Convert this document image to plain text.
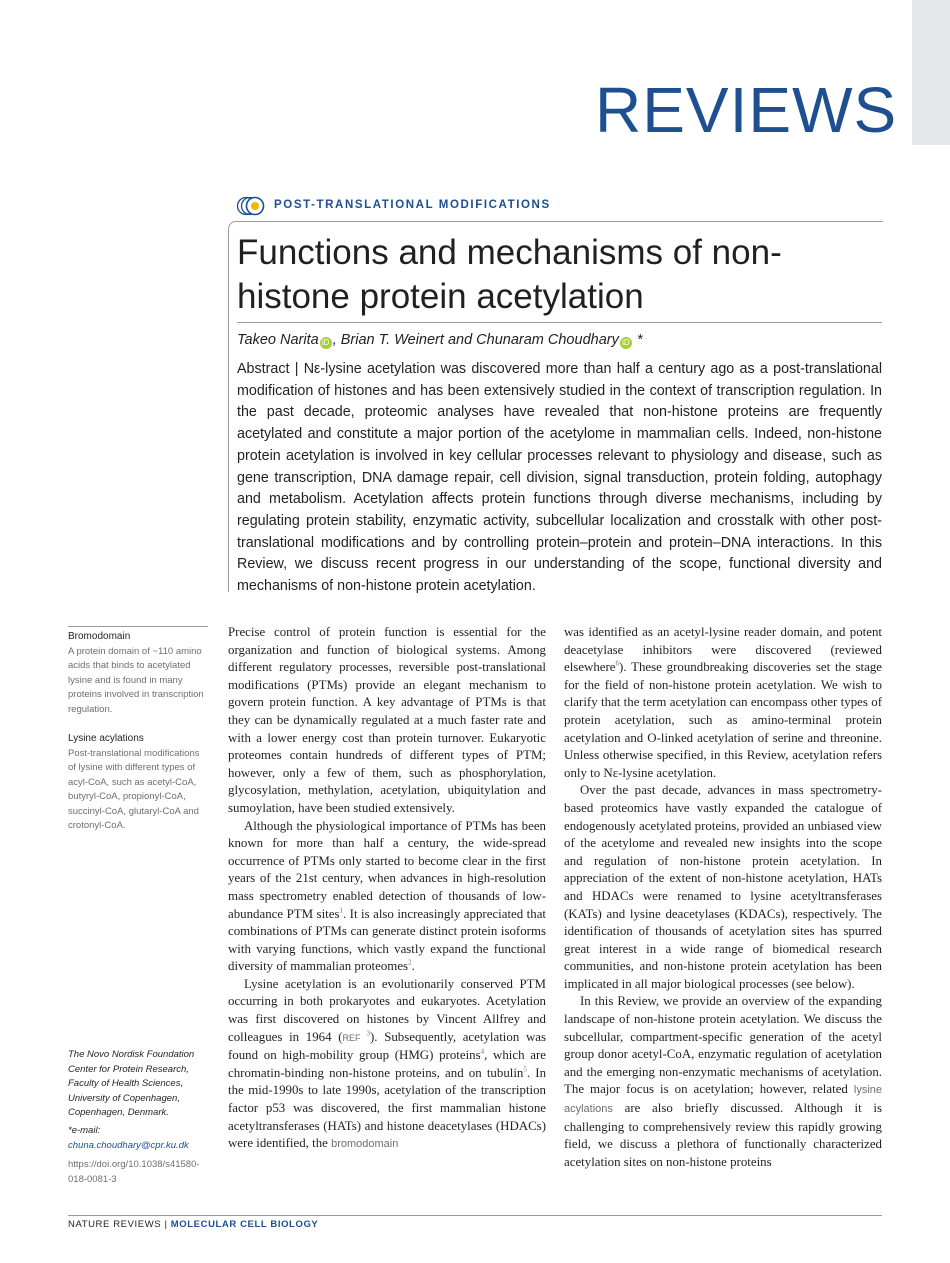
REVIEWS
POST-TRANSLATIONAL MODIFICATIONS
Functions and mechanisms of non-histone protein acetylation
Takeo Narita iD , Brian T. Weinert and Chunaram Choudhary iD *
Abstract | Nε-lysine acetylation was discovered more than half a century ago as a post-translational modification of histones and has been extensively studied in the context of transcription regulation. In the past decade, proteomic analyses have revealed that non-histone proteins are frequently acetylated and constitute a major portion of the acetylome in mammalian cells. Indeed, non-histone protein acetylation is involved in key cellular processes relevant to physiology and disease, such as gene transcription, DNA damage repair, cell division, signal transduction, protein folding, autophagy and metabolism. Acetylation affects protein functions through diverse mechanisms, including by regulating protein stability, enzymatic activity, subcellular localization and crosstalk with other post-translational modifications and by controlling protein–protein and protein–DNA interactions. In this Review, we discuss recent progress in our understanding of the scope, functional diversity and mechanisms of non-histone protein acetylation.
Bromodomain
A protein domain of ~110 amino acids that binds to acetylated lysine and is found in many proteins involved in transcription regulation.
Lysine acylations
Post-translational modifications of lysine with different types of acyl-CoA, such as acetyl-CoA, butyryl-CoA, propionyl-CoA, succinyl-CoA, glutaryl-CoA and crotonyl-CoA.
The Novo Nordisk Foundation Center for Protein Research, Faculty of Health Sciences, University of Copenhagen, Copenhagen, Denmark.
*e-mail: chuna.choudhary@cpr.ku.dk
https://doi.org/10.1038/s41580-018-0081-3

Precise control of protein function is essential for the organization and function of biological systems. Among different regulatory processes, reversible post-translational modifications (PTMs) provide an elegant mechanism to govern protein function. A key advantage of PTMs is that they can be dynamically regulated at a much faster rate and with a lower energy cost than protein turnover. Eukaryotic proteomes contain hundreds of different types of PTM; however, only a few of them, such as phosphorylation, glycosylation, methylation, acetylation, ubiquitylation and sumoylation, have been studied extensively.

Although the physiological importance of PTMs has been known for more than half a century, the wide-spread occurrence of PTMs only started to become clear in the first years of the 21st century, when advances in high-resolution mass spectrometry enabled detection of thousands of low-abundance PTM sites$^1$. It is also increasingly appreciated that combinations of PTMs can generate distinct protein isoforms with varying functions, which vastly expand the functional diversity of mammalian proteomes$^2$.

Lysine acetylation is an evolutionarily conserved PTM occurring in both prokaryotes and eukaryotes. Acetylation was first discovered on histones by Vincent Allfrey and colleagues in 1964 (REF $^3$). Subsequently, acetylation was found on high-mobility group (HMG) proteins$^4$, which are chromatin-binding non-histone proteins, and on tubulin$^5$. In the mid-1990s to late 1990s, acetylation of the transcription factor p53 was discovered, the first mammalian histone acetyltransferases (HATs) and histone deacetylases (HDACs) were identified, the bromodomain

was identified as an acetyl-lysine reader domain, and potent deacetylase inhibitors were discovered (reviewed elsewhere$^6$). These groundbreaking discoveries set the stage for the field of non-histone protein acetylation. We wish to clarify that the term acetylation can encompass other types of protein acetylation, such as amino-terminal protein acetylation and O-linked acetylation of serine and threonine. Unless otherwise specified, in this Review, acetylation refers only to Nε-lysine acetylation.

Over the past decade, advances in mass spectrometry-based proteomics have vastly expanded the catalogue of endogenously acetylated proteins, provided an unbiased view of the acetylome and revealed new insights into the scope and regulation of non-histone protein acetylation. In appreciation of the extent of non-histone acetylation, HATs and HDACs were renamed to lysine acetyltransferases (KATs) and lysine deacetylases (KDACs), respectively. The identification of thousands of acetylation sites has spurred great interest in a wide range of biomedical research communities, and non-histone protein acetylation has been implicated in all major biological processes (see below).

In this Review, we provide an overview of the expanding landscape of non-histone protein acetylation. We discuss the subcellular, compartment-specific generation of the acetyl group donor acetyl-CoA, enzymatic regulation of acetylation and the emerging non-enzymatic mechanisms of acetylation. The major focus is on acetylation; however, related lysine acylations are also briefly discussed. Although it is challenging to comprehensively review this rapidly growing field, we discuss a plethora of functionally characterized acetylation sites on non-histone proteins

NATURE REVIEWS | MOLECULAR CELL BIOLOGY
